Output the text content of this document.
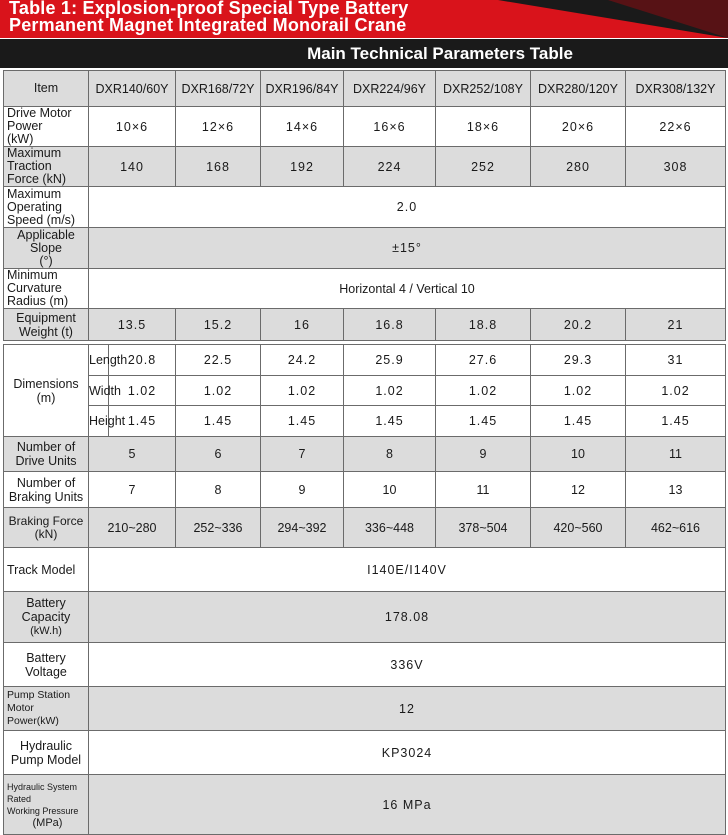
Table 1: Explosion-proof Special Type Battery
Permanent Magnet Integrated Monorail Crane
Main Technical Parameters Table
Item	DXR140/60Y	DXR168/72Y	DXR196/84Y	DXR224/96Y	DXR252/108Y	DXR280/120Y	DXR308/132Y

Drive Motor Power
(kW)	10×6	12×6	14×6	16×6	18×6	20×6	22×6

Maximum Traction
Force (kN)	140	168	192	224	252	280	308

Maximum Operating
Speed (m/s)	2.0						

Applicable Slope
(°)	±15°						

Minimum Curvature
Radius (m)	Horizontal 4 / Vertical 10						

Equipment
Weight (t)	13.5	15.2	16	16.8	18.8	20.2	21
Dimensions
(m)	Length	20.8	22.5	24.2	25.9	27.6	29.3	31
	Width	1.02	1.02	1.02	1.02	1.02	1.02	1.02
	Height	1.45	1.45	1.45	1.45	1.45	1.45	1.45
Number of
Drive Units	5	6	7	8	9	10	11

Number of
Braking Units	7	8	9	10	11	12	13

Braking Force
(kN)	210~280	252~336	294~392	336~448	378~504	420~560	462~616

Track Model	I140E/I140V						

Battery
Capacity
(kW.h)	178.08						

Battery
Voltage	336V						

Pump Station
Motor Power(kW)	12						

Hydraulic
Pump Model	KP3024						

Hydraulic System Rated
Working Pressure
(MPa)	16 MPa						
